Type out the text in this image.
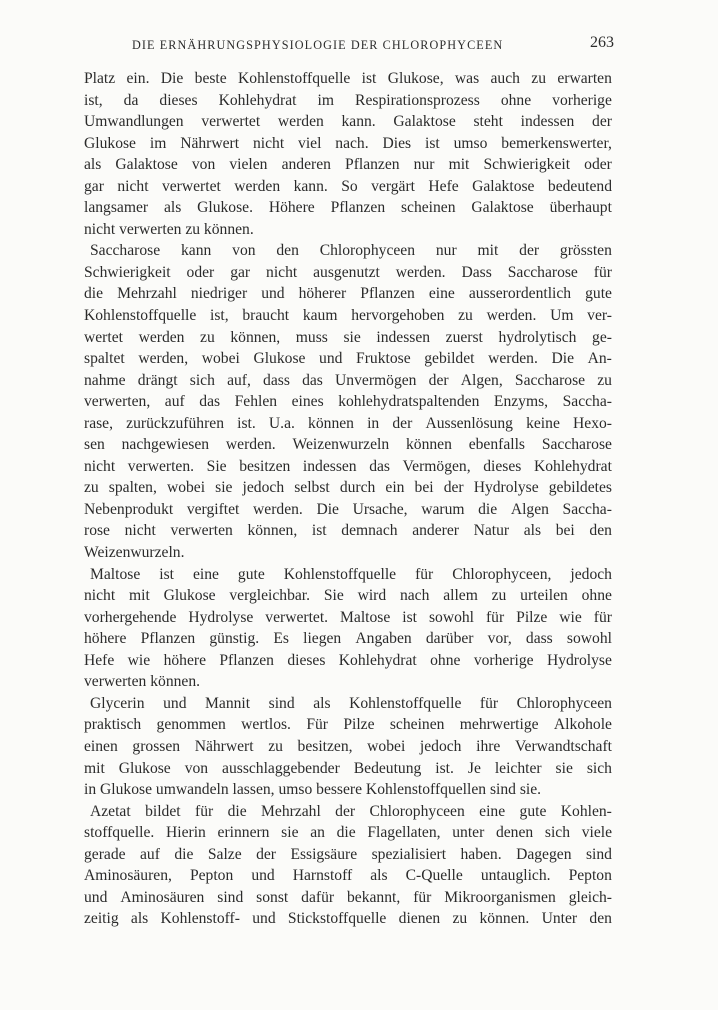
DIE ERNÄHRUNGSPHYSIOLOGIE DER CHLOROPHYCEEN	263
Platz ein. Die beste Kohlenstoffquelle ist Glukose, was auch zu erwarten
ist, da dieses Kohlehydrat im Respirationsprozess ohne vorherige
Umwandlungen verwertet werden kann. Galaktose steht indessen der
Glukose im Nährwert nicht viel nach. Dies ist umso bemerkenswerter,
als Galaktose von vielen anderen Pflanzen nur mit Schwierigkeit oder
gar nicht verwertet werden kann. So vergärt Hefe Galaktose bedeutend
langsamer als Glukose. Höhere Pflanzen scheinen Galaktose überhaupt
nicht verwerten zu können.
Saccharose kann von den Chlorophyceen nur mit der grössten
Schwierigkeit oder gar nicht ausgenutzt werden. Dass Saccharose für
die Mehrzahl niedriger und höherer Pflanzen eine ausserordentlich gute
Kohlenstoffquelle ist, braucht kaum hervorgehoben zu werden. Um ver-
wertet werden zu können, muss sie indessen zuerst hydrolytisch ge-
spaltet werden, wobei Glukose und Fruktose gebildet werden. Die An-
nahme drängt sich auf, dass das Unvermögen der Algen, Saccharose zu
verwerten, auf das Fehlen eines kohlehydratspaltenden Enzyms, Saccha-
rase, zurückzuführen ist. U.a. können in der Aussenlösung keine Hexo-
sen nachgewiesen werden. Weizenwurzeln können ebenfalls Saccharose
nicht verwerten. Sie besitzen indessen das Vermögen, dieses Kohlehydrat
zu spalten, wobei sie jedoch selbst durch ein bei der Hydrolyse gebildetes
Nebenprodukt vergiftet werden. Die Ursache, warum die Algen Saccha-
rose nicht verwerten können, ist demnach anderer Natur als bei den
Weizenwurzeln.
Maltose ist eine gute Kohlenstoffquelle für Chlorophyceen, jedoch
nicht mit Glukose vergleichbar. Sie wird nach allem zu urteilen ohne
vorhergehende Hydrolyse verwertet. Maltose ist sowohl für Pilze wie für
höhere Pflanzen günstig. Es liegen Angaben darüber vor, dass sowohl
Hefe wie höhere Pflanzen dieses Kohlehydrat ohne vorherige Hydrolyse
verwerten können.
Glycerin und Mannit sind als Kohlenstoffquelle für Chlorophyceen
praktisch genommen wertlos. Für Pilze scheinen mehrwertige Alkohole
einen grossen Nährwert zu besitzen, wobei jedoch ihre Verwandtschaft
mit Glukose von ausschlaggebender Bedeutung ist. Je leichter sie sich
in Glukose umwandeln lassen, umso bessere Kohlenstoffquellen sind sie.
Azetat bildet für die Mehrzahl der Chlorophyceen eine gute Kohlen-
stoffquelle. Hierin erinnern sie an die Flagellaten, unter denen sich viele
gerade auf die Salze der Essigsäure spezialisiert haben. Dagegen sind
Aminosäuren, Pepton und Harnstoff als C-Quelle untauglich. Pepton
und Aminosäuren sind sonst dafür bekannt, für Mikroorganismen gleich-
zeitig als Kohlenstoff- und Stickstoffquelle dienen zu können. Unter den
